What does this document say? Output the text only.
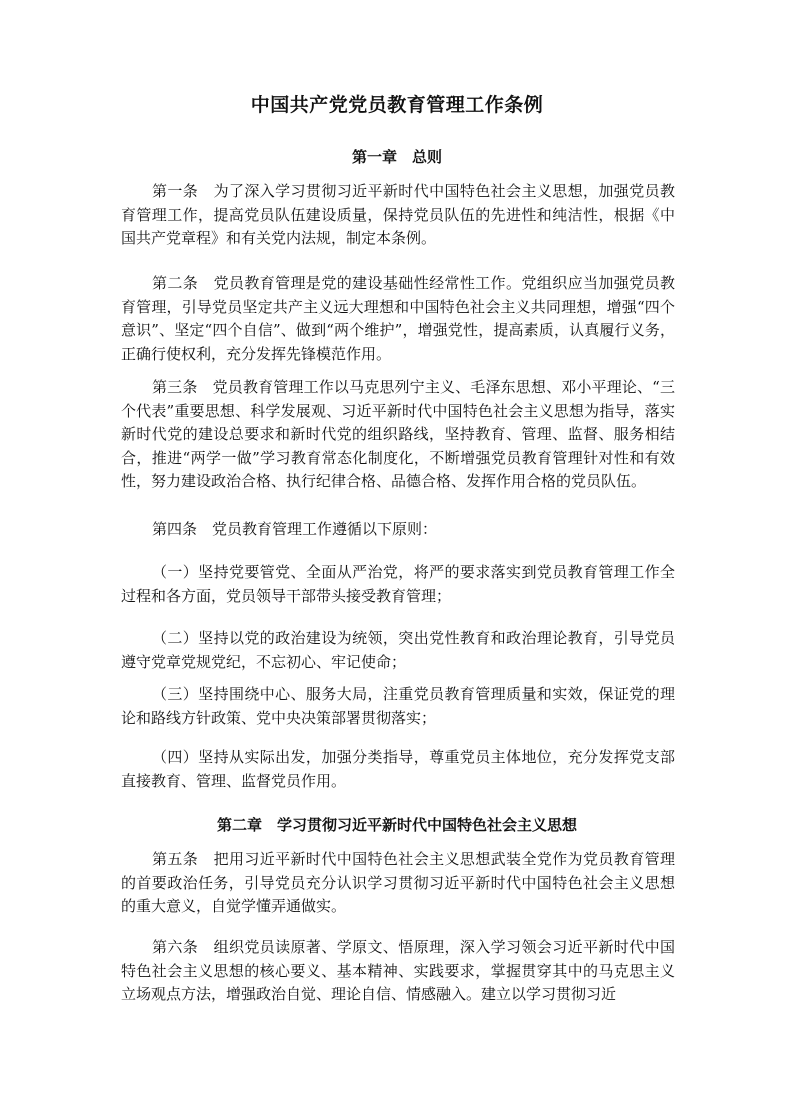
中国共产党党员教育管理工作条例
第一章　总则
第一条　为了深入学习贯彻习近平新时代中国特色社会主义思想，加强党员教育管理工作，提高党员队伍建设质量，保持党员队伍的先进性和纯洁性，根据《中国共产党章程》和有关党内法规，制定本条例。
第二条　党员教育管理是党的建设基础性经常性工作。党组织应当加强党员教育管理，引导党员坚定共产主义远大理想和中国特色社会主义共同理想，增强“四个意识”、坚定“四个自信”、做到“两个维护”，增强党性，提高素质，认真履行义务，正确行使权利，充分发挥先锋模范作用。
第三条　党员教育管理工作以马克思列宁主义、毛泽东思想、邓小平理论、“三个代表”重要思想、科学发展观、习近平新时代中国特色社会主义思想为指导，落实新时代党的建设总要求和新时代党的组织路线，坚持教育、管理、监督、服务相结合，推进“两学一做”学习教育常态化制度化，不断增强党员教育管理针对性和有效性，努力建设政治合格、执行纪律合格、品德合格、发挥作用合格的党员队伍。
第四条　党员教育管理工作遵循以下原则：
（一）坚持党要管党、全面从严治党，将严的要求落实到党员教育管理工作全过程和各方面，党员领导干部带头接受教育管理；
（二）坚持以党的政治建设为统领，突出党性教育和政治理论教育，引导党员遵守党章党规党纪，不忘初心、牢记使命；
（三）坚持围绕中心、服务大局，注重党员教育管理质量和实效，保证党的理论和路线方针政策、党中央决策部署贯彻落实；
（四）坚持从实际出发，加强分类指导，尊重党员主体地位，充分发挥党支部直接教育、管理、监督党员作用。
第二章　学习贯彻习近平新时代中国特色社会主义思想
第五条　把用习近平新时代中国特色社会主义思想武装全党作为党员教育管理的首要政治任务，引导党员充分认识学习贯彻习近平新时代中国特色社会主义思想的重大意义，自觉学懂弄通做实。
第六条　组织党员读原著、学原文、悟原理，深入学习领会习近平新时代中国特色社会主义思想的核心要义、基本精神、实践要求，掌握贯穿其中的马克思主义立场观点方法，增强政治自觉、理论自信、情感融入。建立以学习贯彻习近
